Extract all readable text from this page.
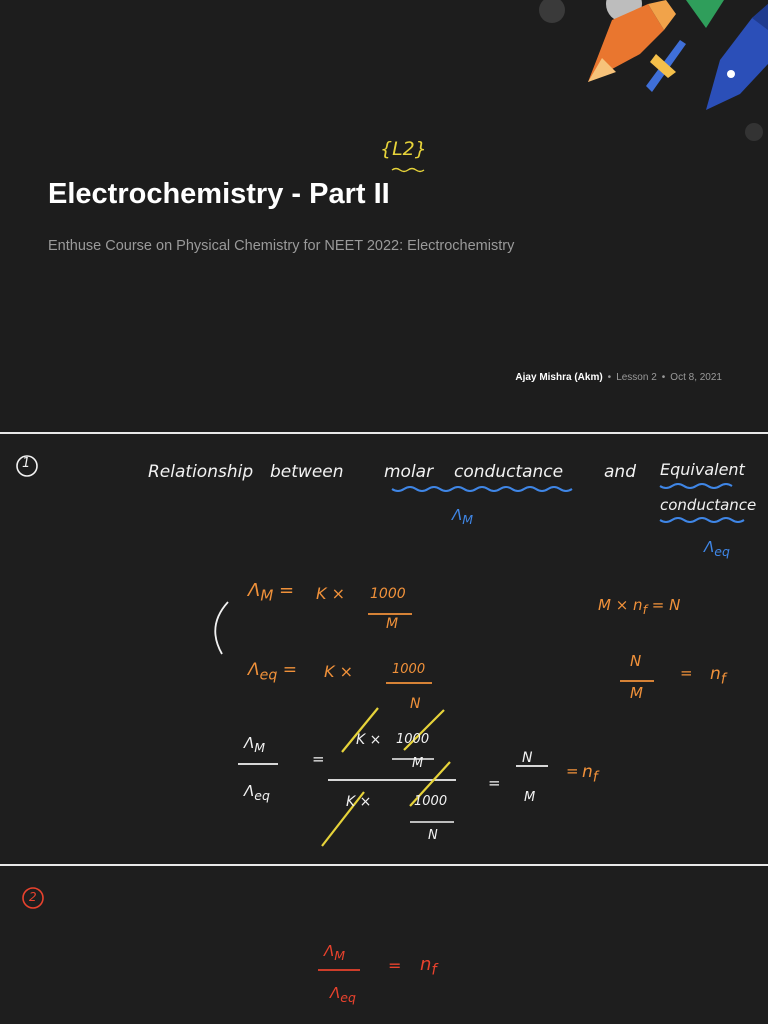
{L2}
Electrochemistry - Part II
Enthuse Course on Physical Chemistry for NEET 2022: Electrochemistry
Ajay Mishra (Akm) • Lesson 2 • Oct 8, 2021
1	Relationship between molar conductance and Equivalent
conductance
$\Lambda_M$
$\Lambda_{eq}$
$\Lambda_M = K \times 1000$
M
$\Lambda_{eq} = K$ ×	1000
N
$M \times n_f = N$
N
M
= $n_f$
$\Lambda_M$
$\Lambda_{eq}$
=
K × 1000
M
K ×	1000
N
=
N
M
= $n_f$
2
$\Lambda_M$
$\Lambda_{eq}$
= $n_f$
